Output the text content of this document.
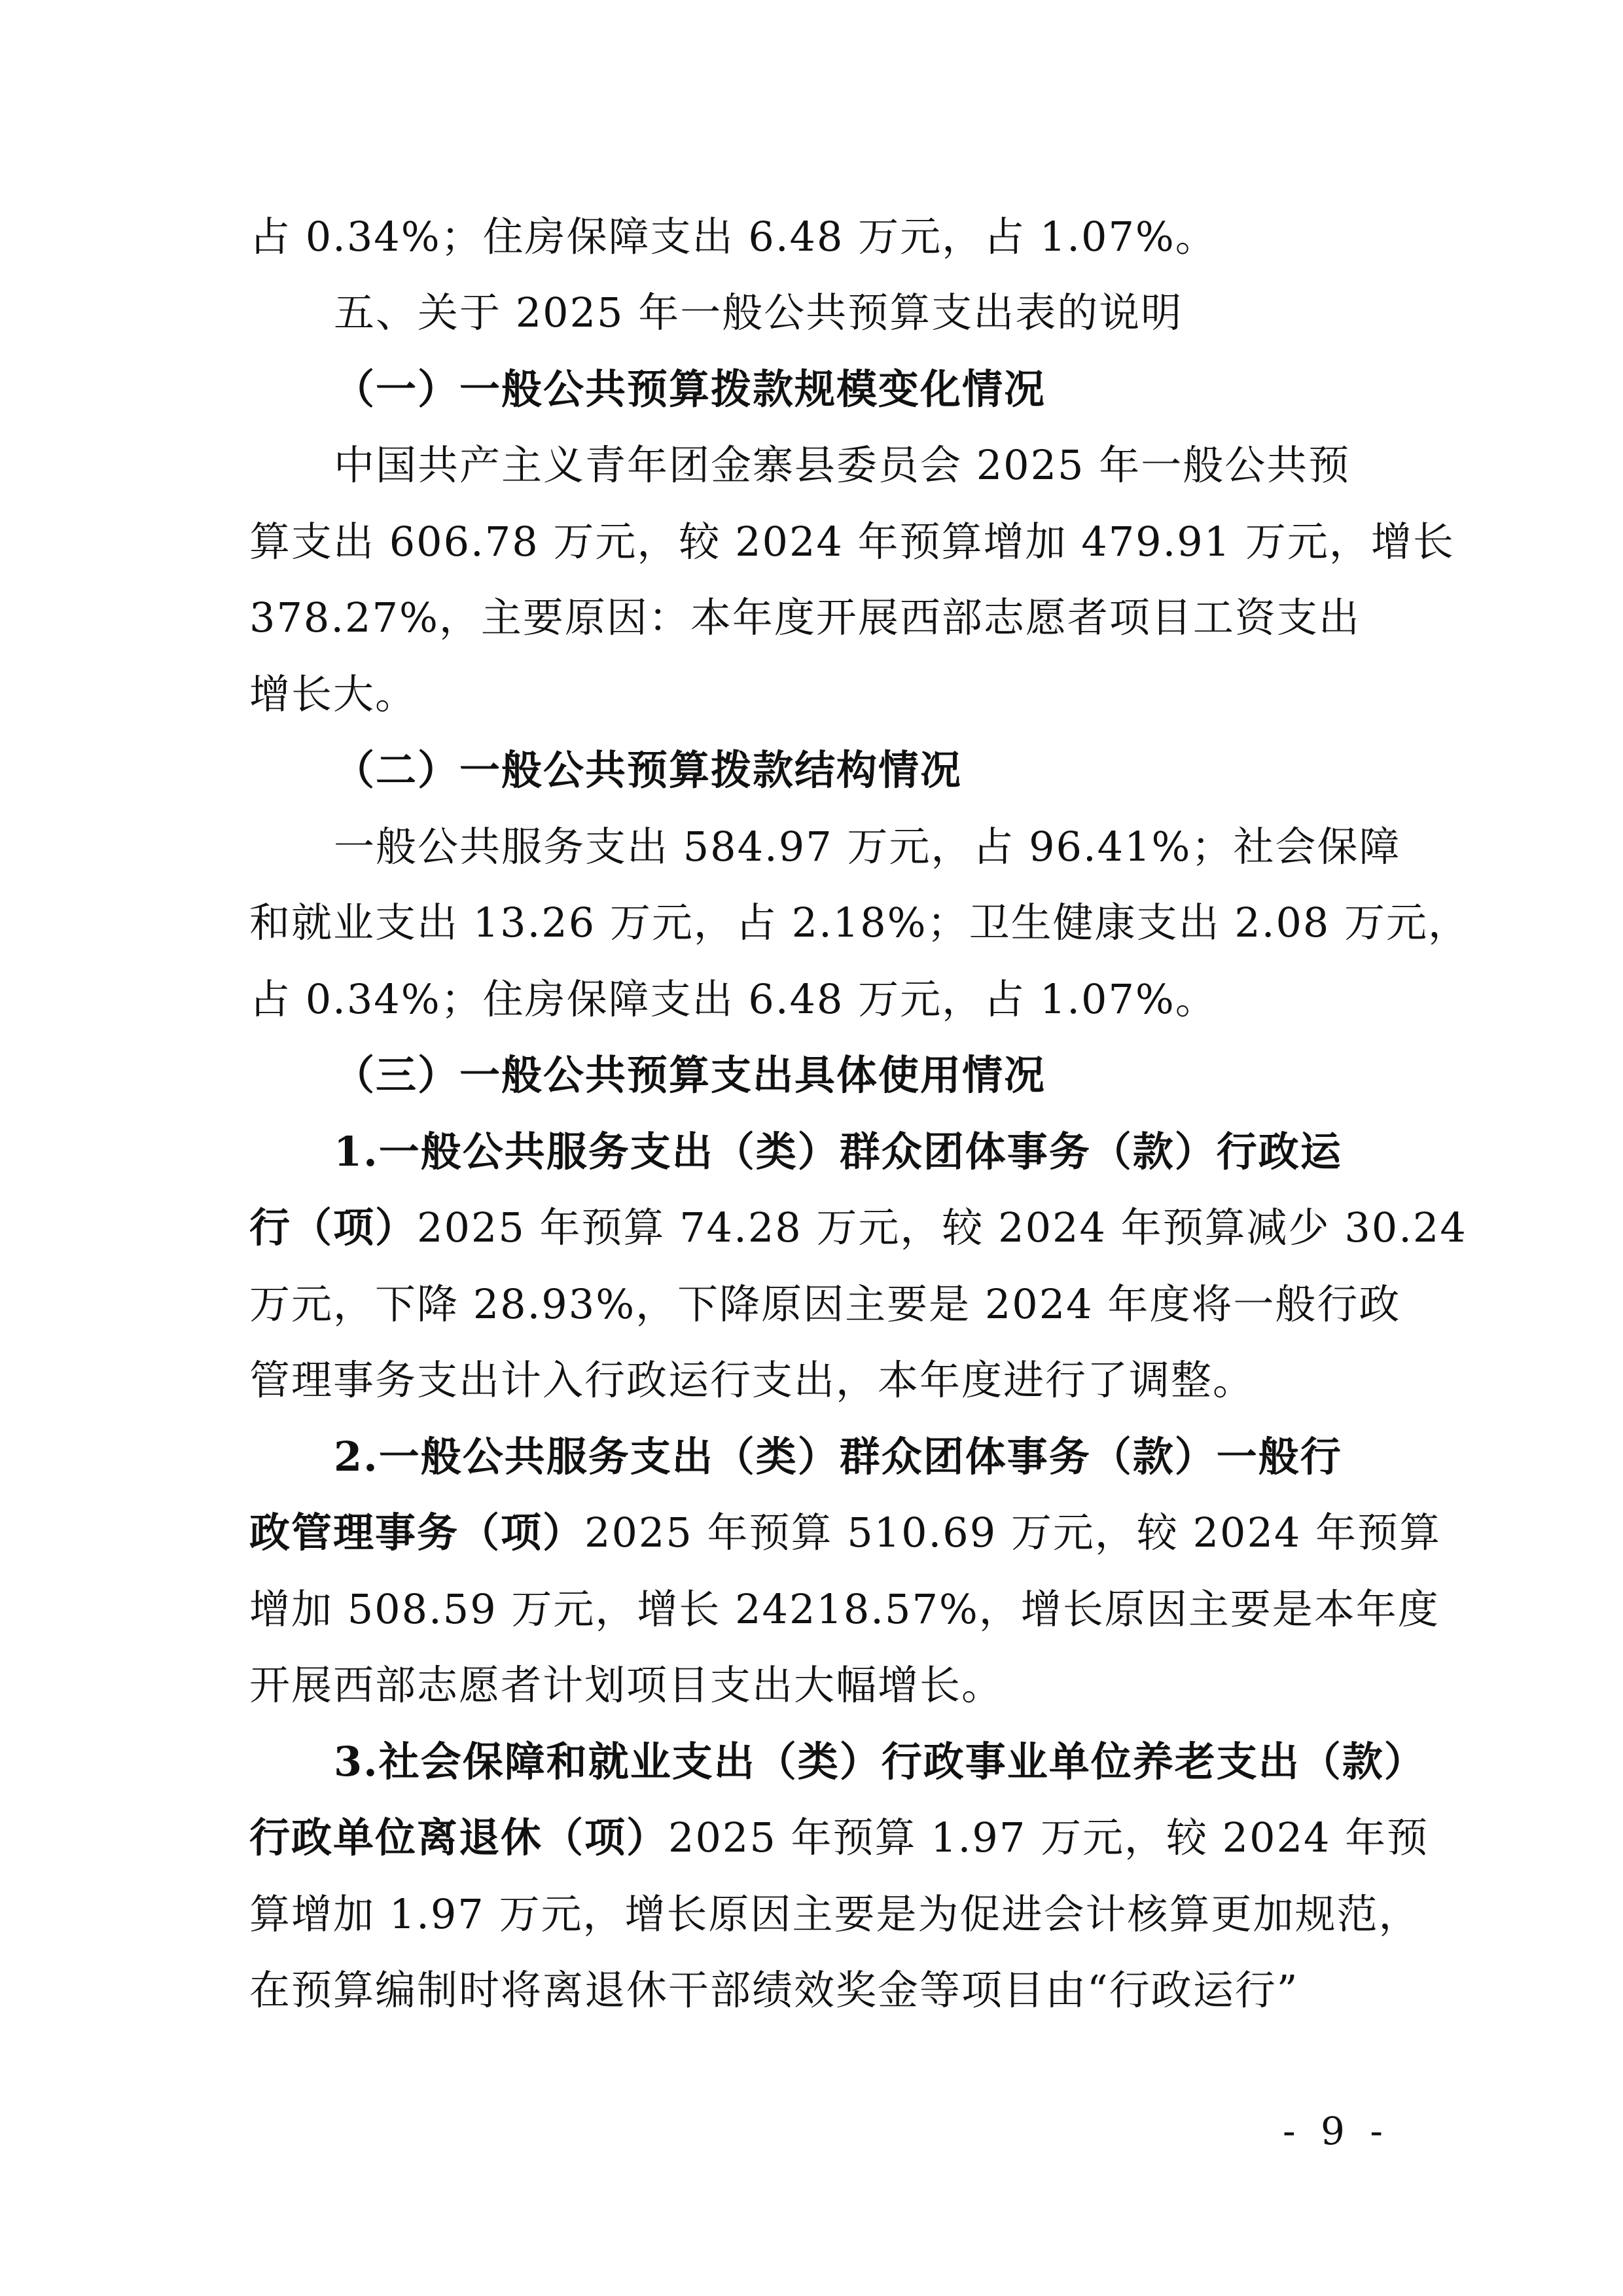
占 0.34%；住房保障支出 6.48 万元，占 1.07%。
五、关于 2025 年一般公共预算支出表的说明
（一）一般公共预算拨款规模变化情况
中国共产主义青年团金寨县委员会 2025 年一般公共预
算支出 606.78 万元，较 2024 年预算增加 479.91 万元，增长
378.27%，主要原因：本年度开展西部志愿者项目工资支出
增长大。
（二）一般公共预算拨款结构情况
一般公共服务支出 584.97 万元，占 96.41%；社会保障
和就业支出 13.26 万元，占 2.18%；卫生健康支出 2.08 万元，
占 0.34%；住房保障支出 6.48 万元，占 1.07%。
（三）一般公共预算支出具体使用情况
1.一般公共服务支出（类）群众团体事务（款）行政运
行（项）2025 年预算 74.28 万元，较 2024 年预算减少 30.24
万元，下降 28.93%，下降原因主要是 2024 年度将一般行政
管理事务支出计入行政运行支出，本年度进行了调整。
2.一般公共服务支出（类）群众团体事务（款）一般行
政管理事务（项）2025 年预算 510.69 万元，较 2024 年预算
增加 508.59 万元，增长 24218.57%，增长原因主要是本年度
开展西部志愿者计划项目支出大幅增长。
3.社会保障和就业支出（类）行政事业单位养老支出（款）
行政单位离退休（项）2025 年预算 1.97 万元，较 2024 年预
算增加 1.97 万元，增长原因主要是为促进会计核算更加规范，
在预算编制时将离退休干部绩效奖金等项目由“行政运行”
- 9 -
